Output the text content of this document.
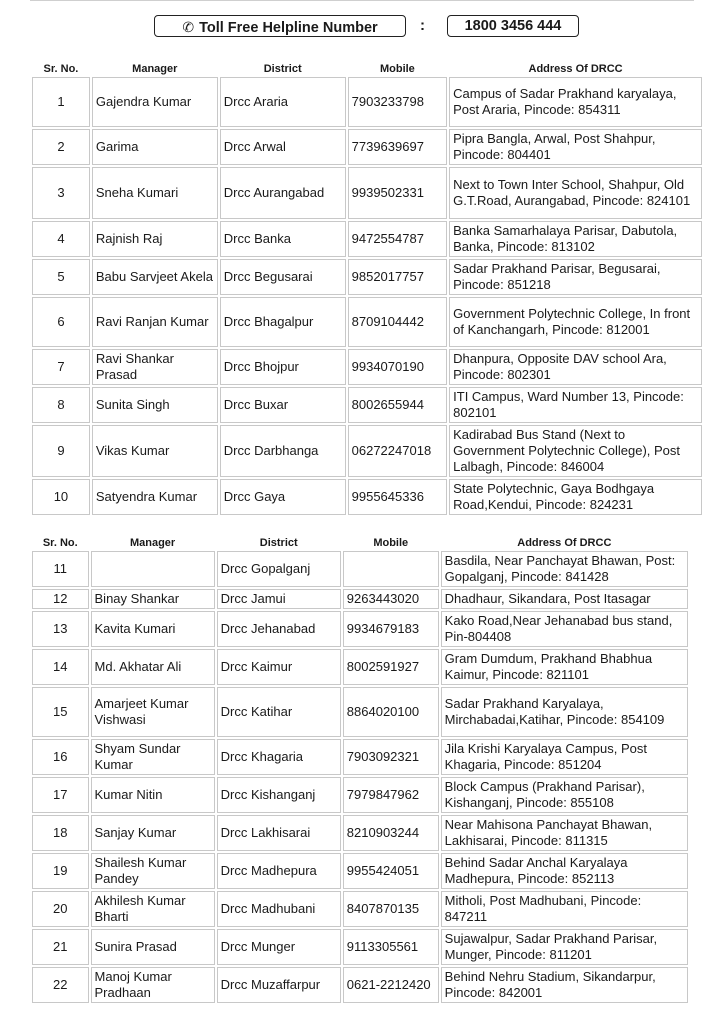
✆ Toll Free Helpline Number	:	1800 3456 444
Sr. No.	Manager	District	Mobile	Address Of DRCC
1	Gajendra Kumar	Drcc Araria	7903233798	Campus of Sadar Prakhand karyalaya, Post Araria, Pincode: 854311
2	Garima	Drcc Arwal	7739639697	Pipra Bangla, Arwal, Post Shahpur, Pincode: 804401
3	Sneha Kumari	Drcc Aurangabad	9939502331	Next to Town Inter School, Shahpur, Old G.T.Road, Aurangabad, Pincode: 824101
4	Rajnish Raj	Drcc Banka	9472554787	Banka Samarhalaya Parisar, Dabutola, Banka, Pincode: 813102
5	Babu Sarvjeet Akela	Drcc Begusarai	9852017757	Sadar Prakhand Parisar, Begusarai, Pincode: 851218
6	Ravi Ranjan Kumar	Drcc Bhagalpur	8709104442	Government Polytechnic College, In front of Kanchangarh, Pincode: 812001
7	Ravi Shankar Prasad	Drcc Bhojpur	9934070190	Dhanpura, Opposite DAV school Ara, Pincode: 802301
8	Sunita Singh	Drcc Buxar	8002655944	ITI Campus, Ward Number 13, Pincode: 802101
9	Vikas Kumar	Drcc Darbhanga	06272247018	Kadirabad Bus Stand (Next to Government Polytechnic College), Post Lalbagh, Pincode: 846004
10	Satyendra Kumar	Drcc Gaya	9955645336	State Polytechnic, Gaya Bodhgaya Road,Kendui, Pincode: 824231
Sr. No.	Manager	District	Mobile	Address Of DRCC
11		Drcc Gopalganj		Basdila, Near Panchayat Bhawan, Post: Gopalganj, Pincode: 841428
12	Binay Shankar	Drcc Jamui	9263443020	Dhadhaur, Sikandara, Post Itasagar
13	Kavita Kumari	Drcc Jehanabad	9934679183	Kako Road,Near Jehanabad bus stand, Pin-804408
14	Md. Akhatar Ali	Drcc Kaimur	8002591927	Gram Dumdum, Prakhand Bhabhua Kaimur, Pincode: 821101
15	Amarjeet Kumar Vishwasi	Drcc Katihar	8864020100	Sadar Prakhand Karyalaya, Mirchabadai,Katihar, Pincode: 854109
16	Shyam Sundar Kumar	Drcc Khagaria	7903092321	Jila Krishi Karyalaya Campus, Post Khagaria, Pincode: 851204
17	Kumar Nitin	Drcc Kishanganj	7979847962	Block Campus (Prakhand Parisar), Kishanganj, Pincode: 855108
18	Sanjay Kumar	Drcc Lakhisarai	8210903244	Near Mahisona Panchayat Bhawan, Lakhisarai, Pincode: 811315
19	Shailesh Kumar Pandey	Drcc Madhepura	9955424051	Behind Sadar Anchal Karyalaya Madhepura, Pincode: 852113
20	Akhilesh Kumar Bharti	Drcc Madhubani	8407870135	Mitholi, Post Madhubani, Pincode: 847211
21	Sunira Prasad	Drcc Munger	9113305561	Sujawalpur, Sadar Prakhand Parisar, Munger, Pincode: 811201
22	Manoj Kumar Pradhaan	Drcc Muzaffarpur	0621-2212420	Behind Nehru Stadium, Sikandarpur, Pincode: 842001
